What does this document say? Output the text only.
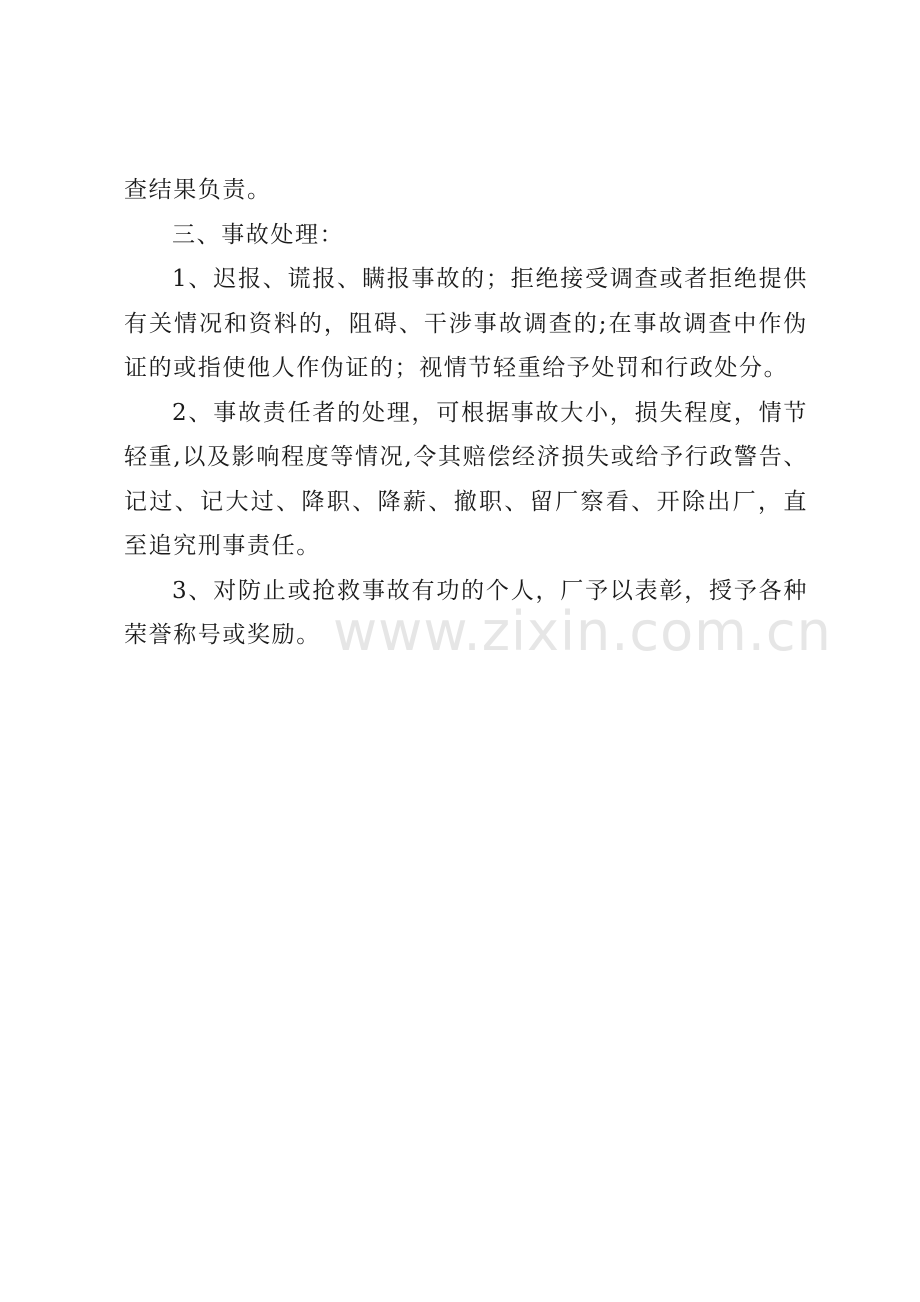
查结果负责。

三、事故处理：

1、迟报、谎报、瞒报事故的；拒绝接受调查或者拒绝提供有关情况和资料的，阻碍、干涉事故调查的;在事故调查中作伪证的或指使他人作伪证的；视情节轻重给予处罚和行政处分。

2、事故责任者的处理，可根据事故大小，损失程度，情节轻重,以及影响程度等情况,令其赔偿经济损失或给予行政警告、记过、记大过、降职、降薪、撤职、留厂察看、开除出厂，直至追究刑事责任。

3、对防止或抢救事故有功的个人，厂予以表彰，授予各种荣誉称号或奖励。 www.zixin.com.cn
